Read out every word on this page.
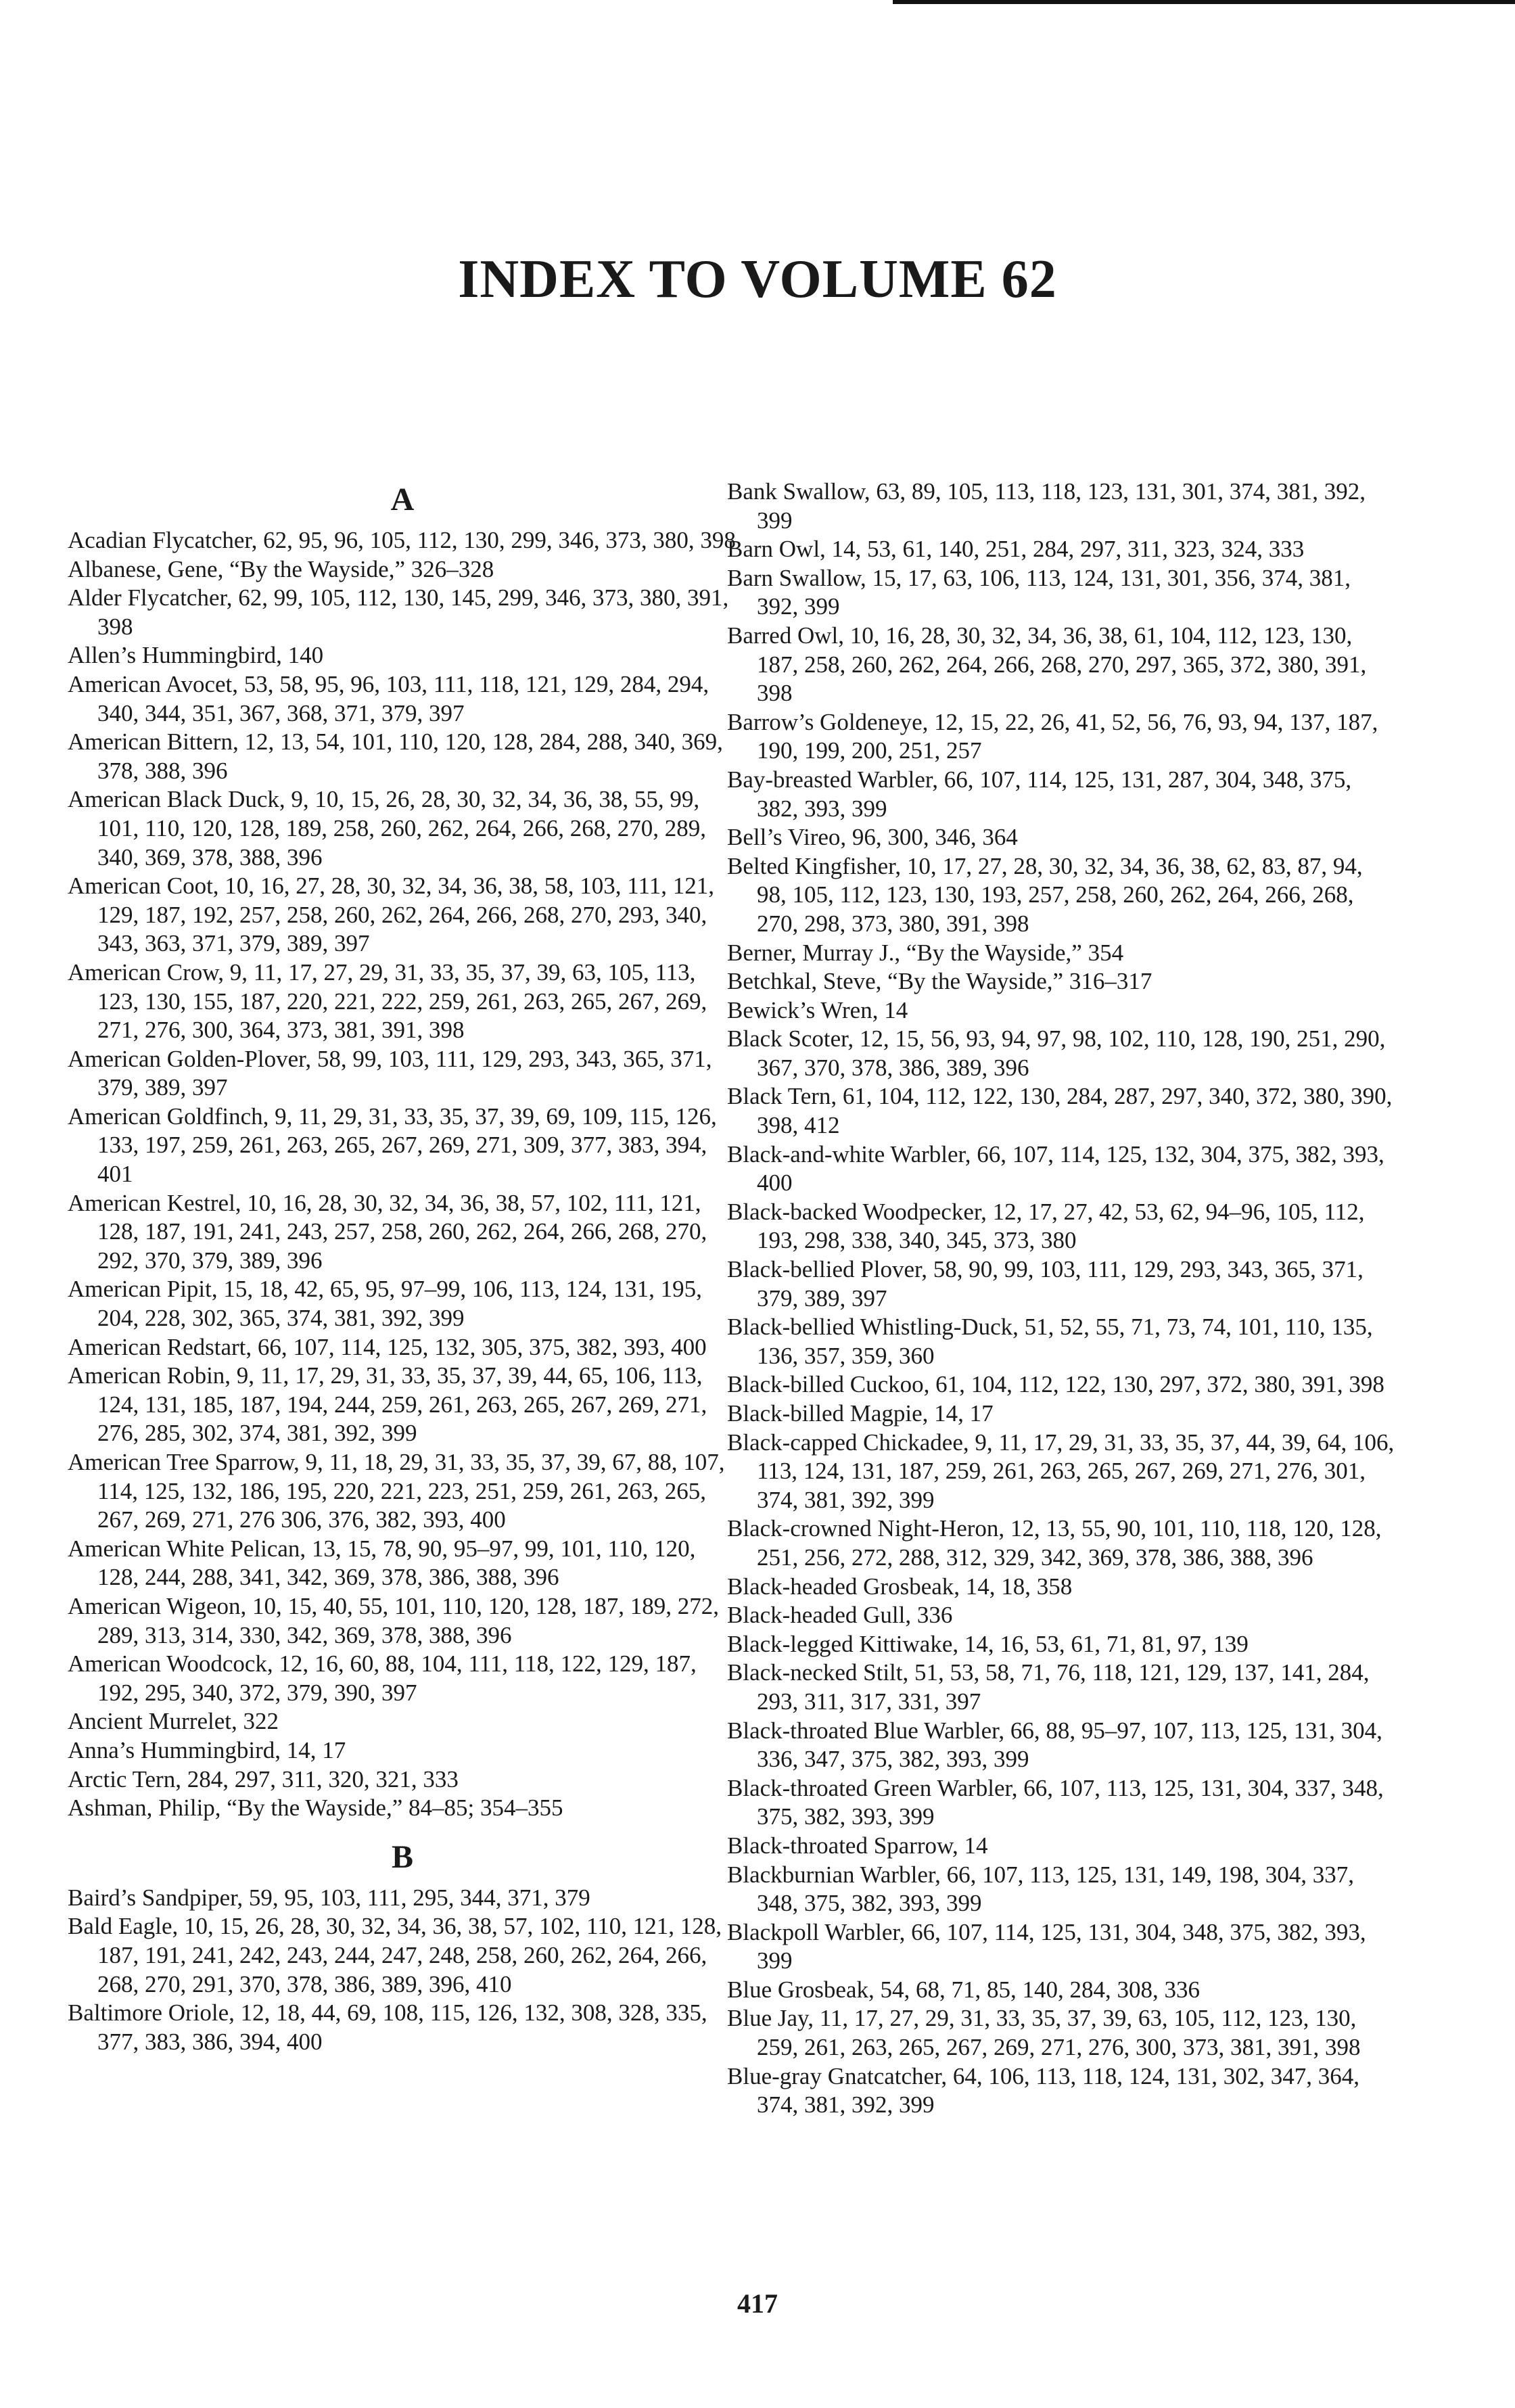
INDEX TO VOLUME 62

A

Acadian Flycatcher, 62, 95, 96, 105, 112, 130, 299, 346, 373, 380, 398

Albanese, Gene, “By the Wayside,” 326–328

Alder Flycatcher, 62, 99, 105, 112, 130, 145, 299, 346, 373, 380, 391, 398

Allen’s Hummingbird, 140

American Avocet, 53, 58, 95, 96, 103, 111, 118, 121, 129, 284, 294, 340, 344, 351, 367, 368, 371, 379, 397

American Bittern, 12, 13, 54, 101, 110, 120, 128, 284, 288, 340, 369, 378, 388, 396

American Black Duck, 9, 10, 15, 26, 28, 30, 32, 34, 36, 38, 55, 99, 101, 110, 120, 128, 189, 258, 260, 262, 264, 266, 268, 270, 289, 340, 369, 378, 388, 396

American Coot, 10, 16, 27, 28, 30, 32, 34, 36, 38, 58, 103, 111, 121, 129, 187, 192, 257, 258, 260, 262, 264, 266, 268, 270, 293, 340, 343, 363, 371, 379, 389, 397

American Crow, 9, 11, 17, 27, 29, 31, 33, 35, 37, 39, 63, 105, 113, 123, 130, 155, 187, 220, 221, 222, 259, 261, 263, 265, 267, 269, 271, 276, 300, 364, 373, 381, 391, 398

American Golden-Plover, 58, 99, 103, 111, 129, 293, 343, 365, 371, 379, 389, 397

American Goldfinch, 9, 11, 29, 31, 33, 35, 37, 39, 69, 109, 115, 126, 133, 197, 259, 261, 263, 265, 267, 269, 271, 309, 377, 383, 394, 401

American Kestrel, 10, 16, 28, 30, 32, 34, 36, 38, 57, 102, 111, 121, 128, 187, 191, 241, 243, 257, 258, 260, 262, 264, 266, 268, 270, 292, 370, 379, 389, 396

American Pipit, 15, 18, 42, 65, 95, 97–99, 106, 113, 124, 131, 195, 204, 228, 302, 365, 374, 381, 392, 399

American Redstart, 66, 107, 114, 125, 132, 305, 375, 382, 393, 400

American Robin, 9, 11, 17, 29, 31, 33, 35, 37, 39, 44, 65, 106, 113, 124, 131, 185, 187, 194, 244, 259, 261, 263, 265, 267, 269, 271, 276, 285, 302, 374, 381, 392, 399

American Tree Sparrow, 9, 11, 18, 29, 31, 33, 35, 37, 39, 67, 88, 107, 114, 125, 132, 186, 195, 220, 221, 223, 251, 259, 261, 263, 265, 267, 269, 271, 276 306, 376, 382, 393, 400

American White Pelican, 13, 15, 78, 90, 95–97, 99, 101, 110, 120, 128, 244, 288, 341, 342, 369, 378, 386, 388, 396

American Wigeon, 10, 15, 40, 55, 101, 110, 120, 128, 187, 189, 272, 289, 313, 314, 330, 342, 369, 378, 388, 396

American Woodcock, 12, 16, 60, 88, 104, 111, 118, 122, 129, 187, 192, 295, 340, 372, 379, 390, 397

Ancient Murrelet, 322

Anna’s Hummingbird, 14, 17

Arctic Tern, 284, 297, 311, 320, 321, 333

Ashman, Philip, “By the Wayside,” 84–85; 354–355

B

Baird’s Sandpiper, 59, 95, 103, 111, 295, 344, 371, 379

Bald Eagle, 10, 15, 26, 28, 30, 32, 34, 36, 38, 57, 102, 110, 121, 128, 187, 191, 241, 242, 243, 244, 247, 248, 258, 260, 262, 264, 266, 268, 270, 291, 370, 378, 386, 389, 396, 410

Baltimore Oriole, 12, 18, 44, 69, 108, 115, 126, 132, 308, 328, 335, 377, 383, 386, 394, 400

Bank Swallow, 63, 89, 105, 113, 118, 123, 131, 301, 374, 381, 392, 399

Barn Owl, 14, 53, 61, 140, 251, 284, 297, 311, 323, 324, 333

Barn Swallow, 15, 17, 63, 106, 113, 124, 131, 301, 356, 374, 381, 392, 399

Barred Owl, 10, 16, 28, 30, 32, 34, 36, 38, 61, 104, 112, 123, 130, 187, 258, 260, 262, 264, 266, 268, 270, 297, 365, 372, 380, 391, 398

Barrow’s Goldeneye, 12, 15, 22, 26, 41, 52, 56, 76, 93, 94, 137, 187, 190, 199, 200, 251, 257

Bay-breasted Warbler, 66, 107, 114, 125, 131, 287, 304, 348, 375, 382, 393, 399

Bell’s Vireo, 96, 300, 346, 364

Belted Kingfisher, 10, 17, 27, 28, 30, 32, 34, 36, 38, 62, 83, 87, 94, 98, 105, 112, 123, 130, 193, 257, 258, 260, 262, 264, 266, 268, 270, 298, 373, 380, 391, 398

Berner, Murray J., “By the Wayside,” 354

Betchkal, Steve, “By the Wayside,” 316–317

Bewick’s Wren, 14

Black Scoter, 12, 15, 56, 93, 94, 97, 98, 102, 110, 128, 190, 251, 290, 367, 370, 378, 386, 389, 396

Black Tern, 61, 104, 112, 122, 130, 284, 287, 297, 340, 372, 380, 390, 398, 412

Black-and-white Warbler, 66, 107, 114, 125, 132, 304, 375, 382, 393, 400

Black-backed Woodpecker, 12, 17, 27, 42, 53, 62, 94–96, 105, 112, 193, 298, 338, 340, 345, 373, 380

Black-bellied Plover, 58, 90, 99, 103, 111, 129, 293, 343, 365, 371, 379, 389, 397

Black-bellied Whistling-Duck, 51, 52, 55, 71, 73, 74, 101, 110, 135, 136, 357, 359, 360

Black-billed Cuckoo, 61, 104, 112, 122, 130, 297, 372, 380, 391, 398

Black-billed Magpie, 14, 17

Black-capped Chickadee, 9, 11, 17, 29, 31, 33, 35, 37, 44, 39, 64, 106, 113, 124, 131, 187, 259, 261, 263, 265, 267, 269, 271, 276, 301, 374, 381, 392, 399

Black-crowned Night-Heron, 12, 13, 55, 90, 101, 110, 118, 120, 128, 251, 256, 272, 288, 312, 329, 342, 369, 378, 386, 388, 396

Black-headed Grosbeak, 14, 18, 358

Black-headed Gull, 336

Black-legged Kittiwake, 14, 16, 53, 61, 71, 81, 97, 139

Black-necked Stilt, 51, 53, 58, 71, 76, 118, 121, 129, 137, 141, 284, 293, 311, 317, 331, 397

Black-throated Blue Warbler, 66, 88, 95–97, 107, 113, 125, 131, 304, 336, 347, 375, 382, 393, 399

Black-throated Green Warbler, 66, 107, 113, 125, 131, 304, 337, 348, 375, 382, 393, 399

Black-throated Sparrow, 14

Blackburnian Warbler, 66, 107, 113, 125, 131, 149, 198, 304, 337, 348, 375, 382, 393, 399

Blackpoll Warbler, 66, 107, 114, 125, 131, 304, 348, 375, 382, 393, 399

Blue Grosbeak, 54, 68, 71, 85, 140, 284, 308, 336

Blue Jay, 11, 17, 27, 29, 31, 33, 35, 37, 39, 63, 105, 112, 123, 130, 259, 261, 263, 265, 267, 269, 271, 276, 300, 373, 381, 391, 398

Blue-gray Gnatcatcher, 64, 106, 113, 118, 124, 131, 302, 347, 364, 374, 381, 392, 399

417
